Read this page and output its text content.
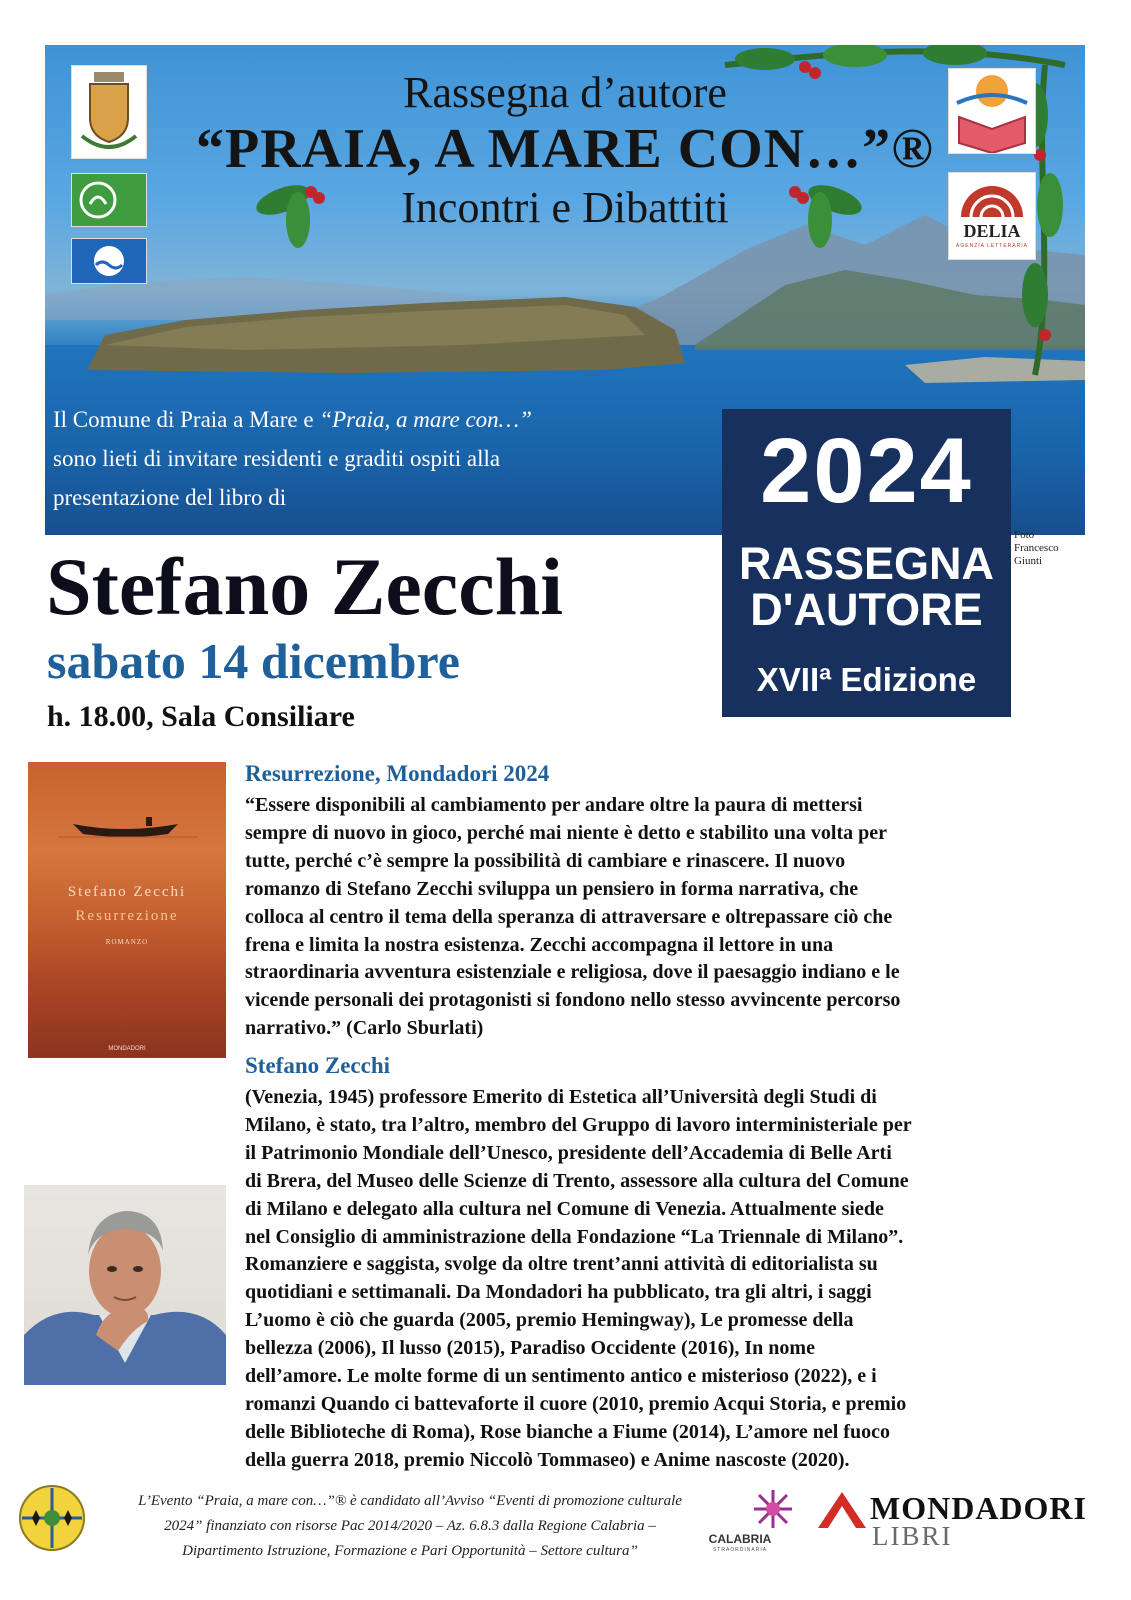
Rassegna d’autore
“PRAIA, A MARE CON…”®
Incontri e Dibattiti	DELIA
AGENZIA LETTERARIA
Il Comune di Praia a Mare e “Praia, a mare con…”
sono lieti di invitare residenti e graditi ospiti alla
presentazione del libro di	2024
RASSEGNA
D'AUTORE
XVIIª Edizione
Foto
Francesco
Giunti
Stefano Zecchi
sabato 14 dicembre
h. 18.00, Sala Consiliare
Stefano Zecchi
Resurrezione
ROMANZO
MONDADORI
Resurrezione, Mondadori 2024
“Essere disponibili al cambiamento per andare oltre la paura di mettersi
sempre di nuovo in gioco, perché mai niente è detto e stabilito una volta per
tutte, perché c’è sempre la possibilità di cambiare e rinascere. Il nuovo
romanzo di Stefano Zecchi sviluppa un pensiero in forma narrativa, che
colloca al centro il tema della speranza di attraversare e oltrepassare ciò che
frena e limita la nostra esistenza. Zecchi accompagna il lettore in una
straordinaria avventura esistenziale e religiosa, dove il paesaggio indiano e le
vicende personali dei protagonisti si fondono nello stesso avvincente percorso
narrativo.” (Carlo Sburlati)
Stefano Zecchi
(Venezia, 1945) professore Emerito di Estetica all’Università degli Studi di
Milano, è stato, tra l’altro, membro del Gruppo di lavoro interministeriale per
il Patrimonio Mondiale dell’Unesco, presidente dell’Accademia di Belle Arti
di Brera, del Museo delle Scienze di Trento, assessore alla cultura del Comune
di Milano e delegato alla cultura nel Comune di Venezia. Attualmente siede
nel Consiglio di amministrazione della Fondazione “La Triennale di Milano”.
Romanziere e saggista, svolge da oltre trent’anni attività di editorialista su
quotidiani e settimanali. Da Mondadori ha pubblicato, tra gli altri, i saggi
L’uomo è ciò che guarda (2005, premio Hemingway), Le promesse della
bellezza (2006), Il lusso (2015), Paradiso Occidente (2016), In nome
dell’amore. Le molte forme di un sentimento antico e misterioso (2022), e i
romanzi Quando ci battevaforte il cuore (2010, premio Acqui Storia, e premio
delle Biblioteche di Roma), Rose bianche a Fiume (2014), L’amore nel fuoco
della guerra 2018, premio Niccolò Tommaseo) e Anime nascoste (2020).
L’Evento “Praia, a mare con…”® è candidato all’Avviso “Eventi di promozione culturale
2024” finanziato con risorse Pac 2014/2020 – Az. 6.8.3 dalla Regione Calabria –
Dipartimento Istruzione, Formazione e Pari Opportunità – Settore cultura”
CALABRIA
STRAORDINARIA
MONDADORI
LIBRI
